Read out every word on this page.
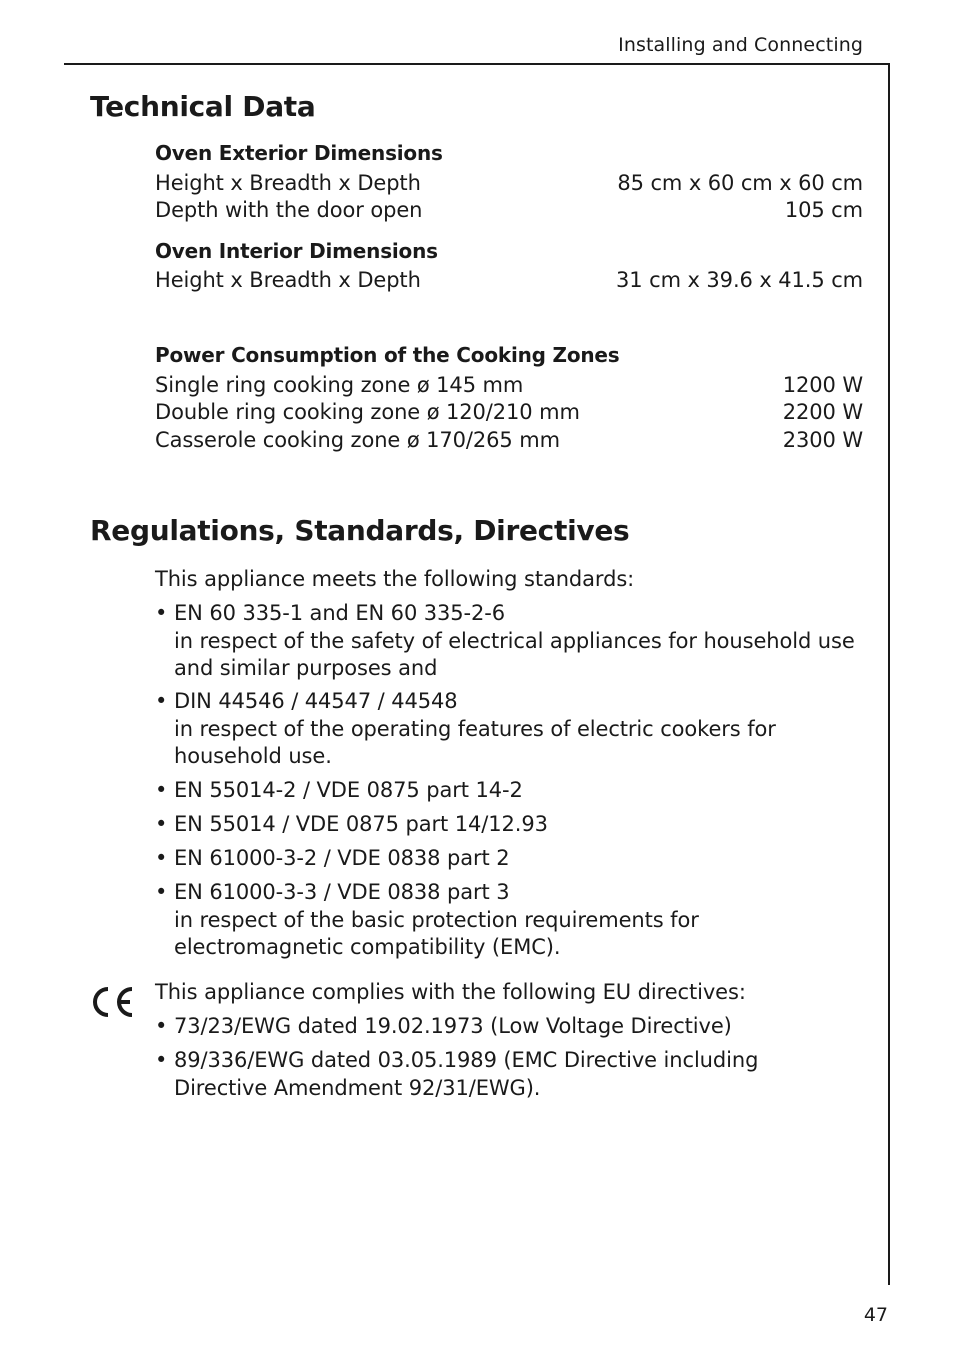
Installing and Connecting
Technical Data
Oven Exterior Dimensions
Height x Breadth x Depth	85 cm x 60 cm x 60 cm
Depth with the door open	105 cm
Oven Interior Dimensions
Height x Breadth x Depth	31 cm x 39.6 x 41.5 cm
Power Consumption of the Cooking Zones
Single ring cooking zone ø 145 mm	1200 W
Double ring cooking zone ø 120/210 mm	2200 W
Casserole cooking zone ø 170/265 mm	2300 W
Regulations, Standards, Directives
This appliance meets the following standards:
• EN 60 335-1 and EN 60 335-2-6
in respect of the safety of electrical appliances for household use and similar purposes and
• DIN 44546 / 44547 / 44548
in respect of the operating features of electric cookers for household use.
• EN 55014-2 / VDE 0875 part 14-2
• EN 55014 / VDE 0875 part 14/12.93
• EN 61000-3-2 / VDE 0838 part 2
• EN 61000-3-3 / VDE 0838 part 3
in respect of the basic protection requirements for electromagnetic compatibility (EMC).
This appliance complies with the following EU directives:
• 73/23/EWG dated 19.02.1973 (Low Voltage Directive)
• 89/336/EWG dated 03.05.1989 (EMC Directive including
Directive Amendment 92/31/EWG).
47
